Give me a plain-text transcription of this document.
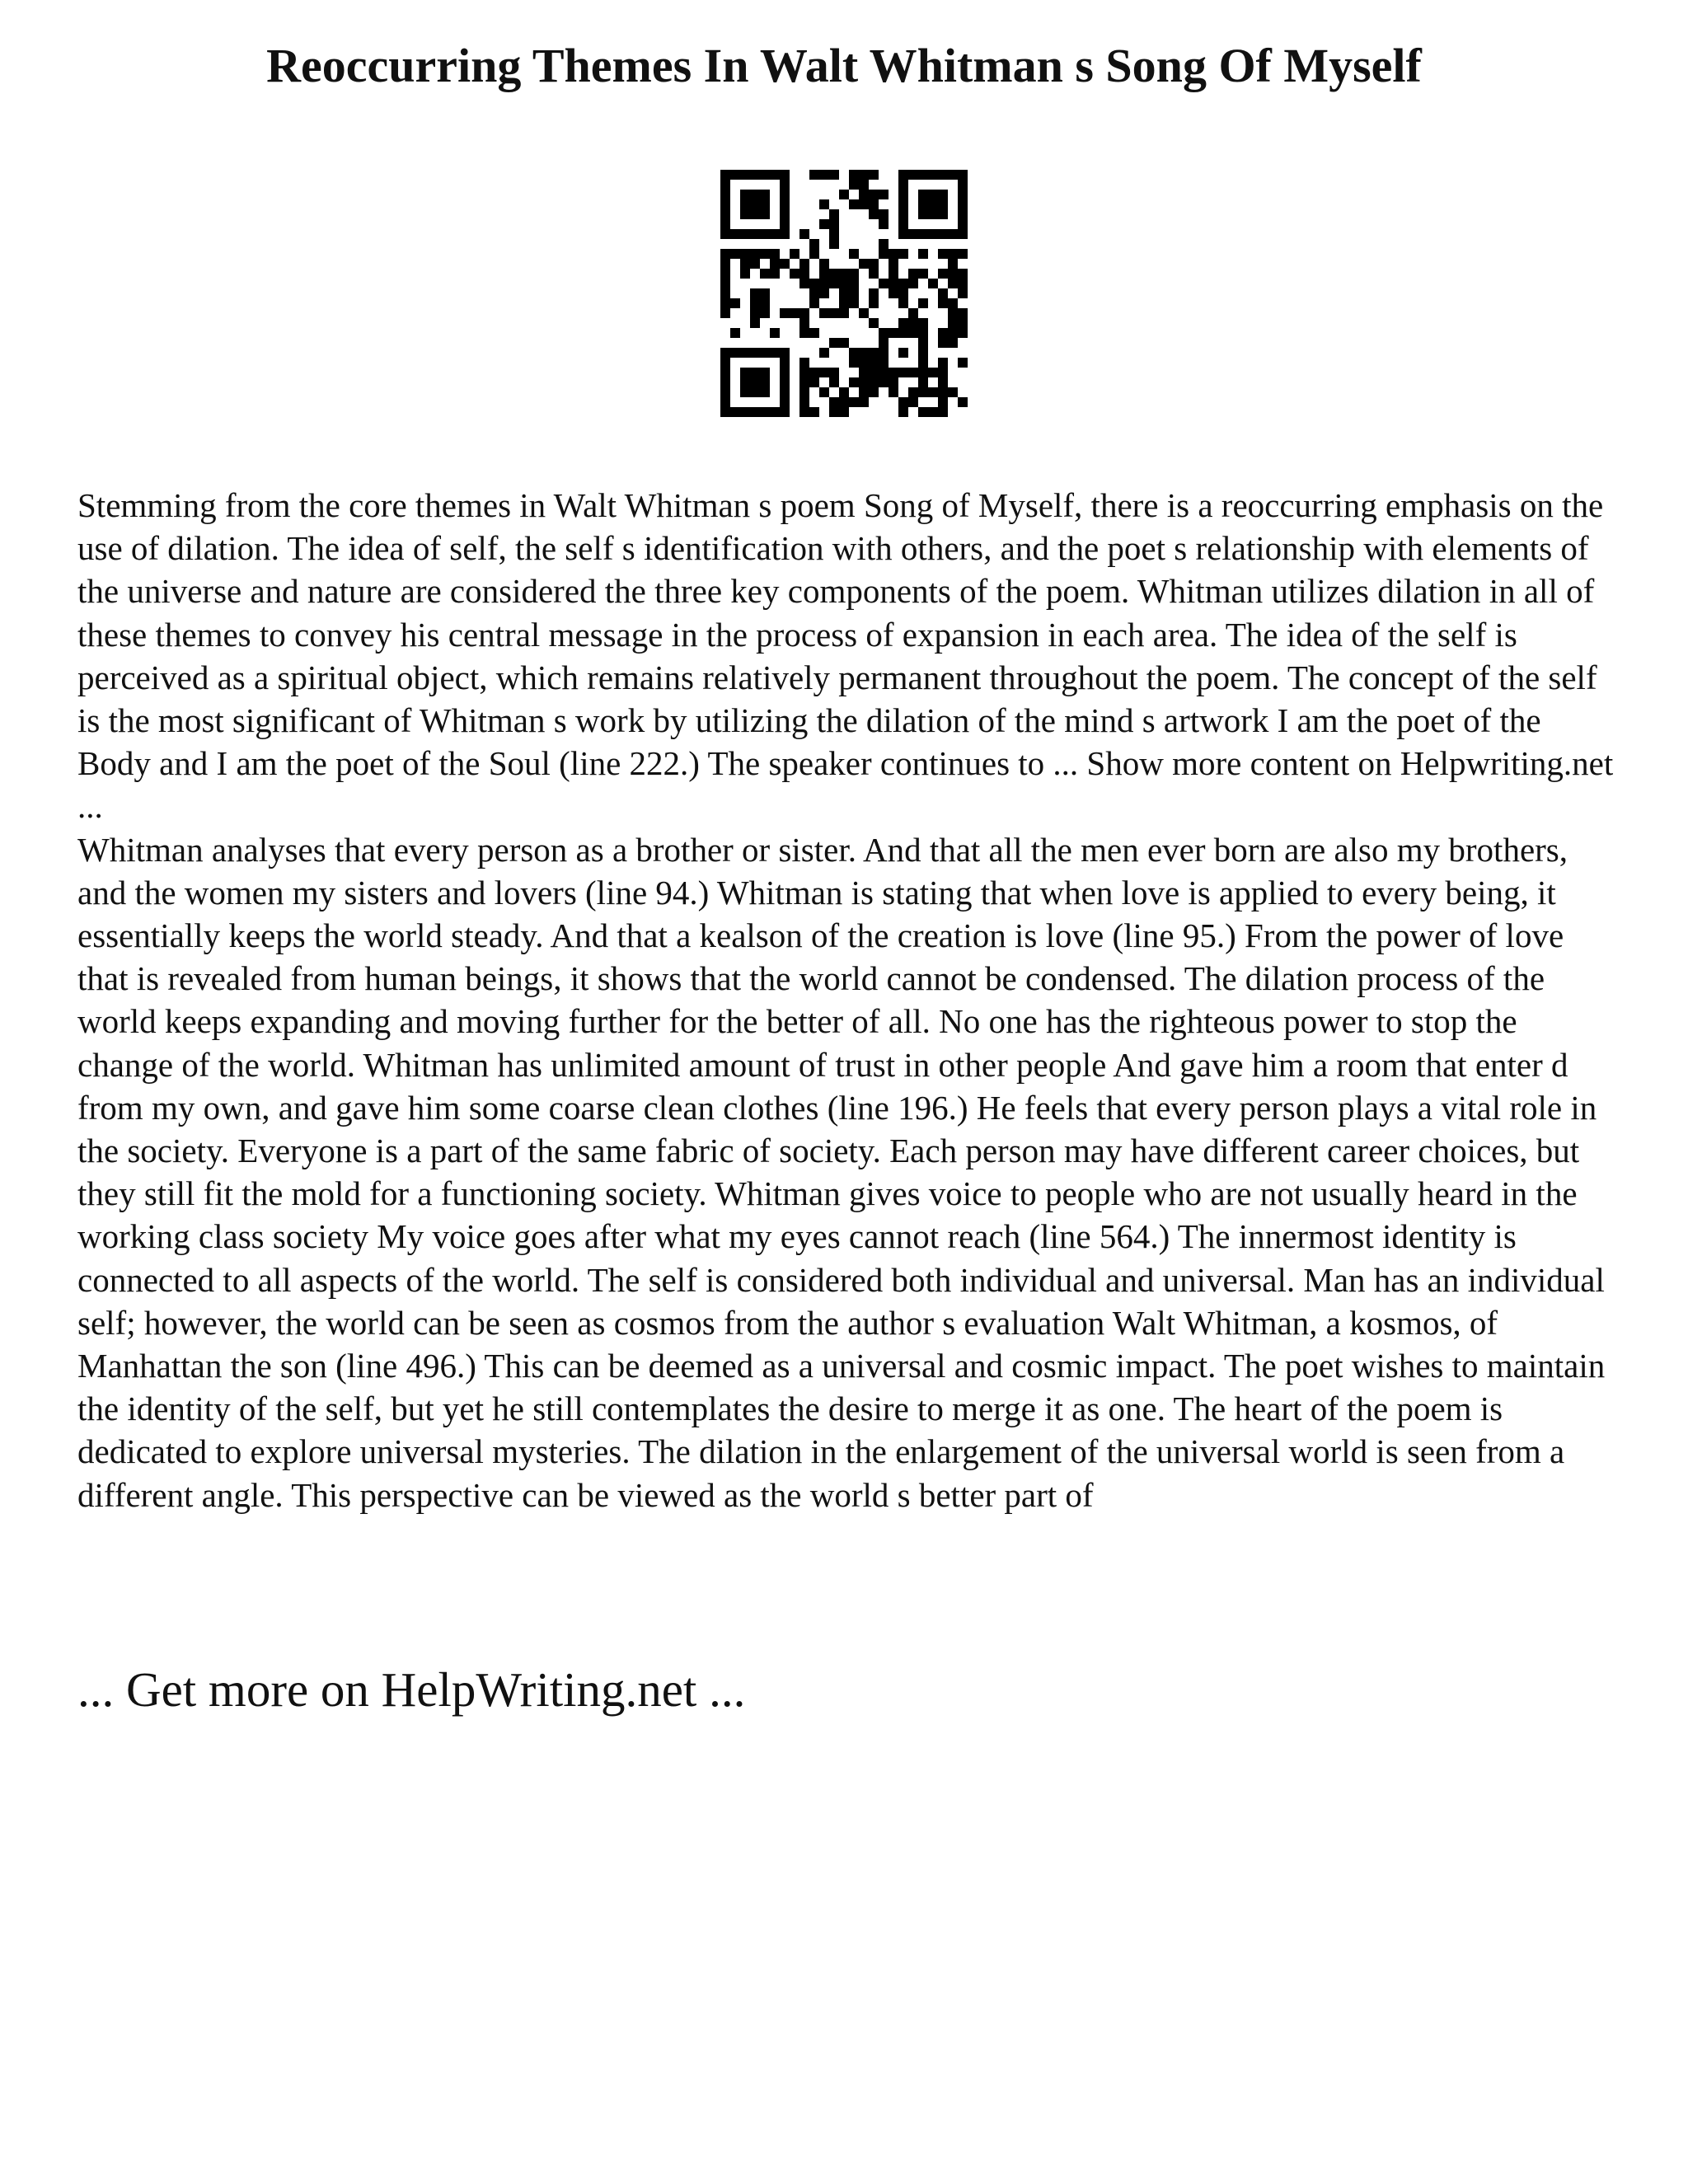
Reoccurring Themes In Walt Whitman s Song Of Myself

Stemming from the core themes in Walt Whitman s poem Song of Myself, there is a reoccurring emphasis on the use of dilation. The idea of self, the self s identification with others, and the poet s relationship with elements of the universe and nature are considered the three key components of the poem. Whitman utilizes dilation in all of these themes to convey his central message in the process of expansion in each area. The idea of the self is perceived as a spiritual object, which remains relatively permanent throughout the poem. The concept of the self is the most significant of Whitman s work by utilizing the dilation of the mind s artwork I am the poet of the Body and I am the poet of the Soul (line 222.) The speaker continues to ... Show more content on Helpwriting.net ...

Whitman analyses that every person as a brother or sister. And that all the men ever born are also my brothers, and the women my sisters and lovers (line 94.) Whitman is stating that when love is applied to every being, it essentially keeps the world steady. And that a kealson of the creation is love (line 95.) From the power of love that is revealed from human beings, it shows that the world cannot be condensed. The dilation process of the world keeps expanding and moving further for the better of all. No one has the righteous power to stop the change of the world. Whitman has unlimited amount of trust in other people And gave him a room that enter d from my own, and gave him some coarse clean clothes (line 196.) He feels that every person plays a vital role in the society. Everyone is a part of the same fabric of society. Each person may have different career choices, but they still fit the mold for a functioning society. Whitman gives voice to people who are not usually heard in the working class society My voice goes after what my eyes cannot reach (line 564.) The innermost identity is connected to all aspects of the world. The self is considered both individual and universal. Man has an individual self; however, the world can be seen as cosmos from the author s evaluation Walt Whitman, a kosmos, of Manhattan the son (line 496.) This can be deemed as a universal and cosmic impact. The poet wishes to maintain the identity of the self, but yet he still contemplates the desire to merge it as one. The heart of the poem is dedicated to explore universal mysteries. The dilation in the enlargement of the universal world is seen from a different angle. This perspective can be viewed as the world s better part of

... Get more on HelpWriting.net ...
